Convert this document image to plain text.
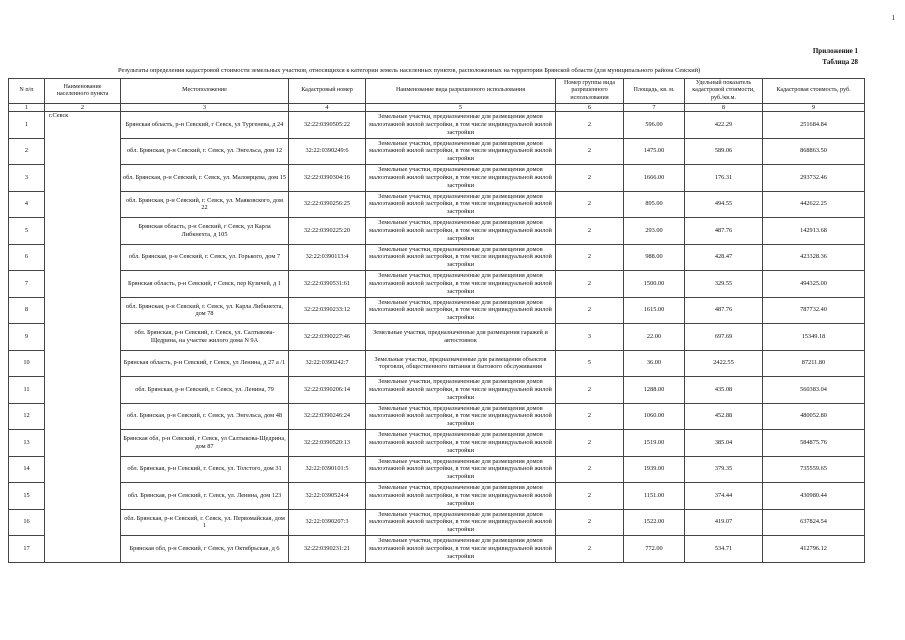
1
Приложение 1
Таблица 28
Результаты определения кадастровой стоимости земельных участков, относящихся к категории земель населенных пунктов, расположенных на территории Брянской области (для муниципального района Севский)
N п/п	Наименование населенного пункта	Местоположение	Кадастровый номер	Наименование вида разрешенного использования	Номер группы вида разрешенного использования	Площадь, кв. м.	Удельный показатель кадастровой стоимости, руб./кв.м.	Кадастровая стоимость, руб.
1	2	3	4	5	6	7	8	9
1	г.Севск	Брянская область, р-н Севский, г Севск, ул Тургенева, д 24	32:22:0390505:22	Земельные участки, предназначенные для размещения домов малоэтажной жилой застройки, в том числе индивидуальной жилой застройки	2	596.00	422.29	251684.84
2		обл. Брянская, р-н Севский, г. Севск, ул. Энгельса, дом 12	32:22:0390249:6	Земельные участки, предназначенные для размещения домов малоэтажной жилой застройки, в том числе индивидуальной жилой застройки	2	1475.00	589.06	868863.50
3		обл. Брянская, р-н Севский, г. Севск, ул. Малоярцева, дом 15	32:22:0390304:16	Земельные участки, предназначенные для размещения домов малоэтажной жилой застройки, в том числе индивидуальной жилой застройки	2	1666.00	176.31	293732.46
4		обл. Брянская, р-н Севский, г. Севск, ул. Маяковского, дом 22	32:22:0390256:25	Земельные участки, предназначенные для размещения домов малоэтажной жилой застройки, в том числе индивидуальной жилой застройки	2	895.00	494.55	442622.25
5		Брянская область, р-н Севский, г Севск, ул Карла Либкнехта, д 105	32:22:0390225:20	Земельные участки, предназначенные для размещения домов малоэтажной жилой застройки, в том числе индивидуальной жилой застройки	2	293.00	487.76	142913.68
6		обл. Брянская, р-н Севский, г. Севск, ул. Горького, дом 7	32:22:0390113:4	Земельные участки, предназначенные для размещения домов малоэтажной жилой застройки, в том числе индивидуальной жилой застройки	2	988.00	428.47	423328.36
7		Брянская область, р-н Севский, г Севск, пер Кузичей, д 1	32:22:0390531:61	Земельные участки, предназначенные для размещения домов малоэтажной жилой застройки, в том числе индивидуальной жилой застройки	2	1500.00	329.55	494325.00
8		обл. Брянская, р-н Севский, г. Севск, ул. Карла Либкнехта, дом 78	32:22:0390233:12	Земельные участки, предназначенные для размещения домов малоэтажной жилой застройки, в том числе индивидуальной жилой застройки	2	1615.00	487.76	787732.40
9		обл. Брянская, р-н Севский, г. Севск, ул. Салтыкова-Щедрина, на участке жилого дома N 9А	32:22:0390227:46	Земельные участки, предназначенные для размещения гаражей и автостоянок	3	22.00	697.69	15349.18
10		Брянская область, р-н Севский, г Севск, ул Ленина, д 27 а /1	32:22:0390242:7	Земельные участки, предназначенные для размещения объектов торговли, общественного питания и бытового обслуживания	5	36.00	2422.55	87211.80
11		обл. Брянская, р-н Севский, г. Севск, ул. Ленина, 79	32:22:0390206:14	Земельные участки, предназначенные для размещения домов малоэтажной жилой застройки, в том числе индивидуальной жилой застройки	2	1288.00	435.08	560383.04
12		обл. Брянская, р-н Севский, г. Севск, ул. Энгельса, дом 48	32:22:0390246:24	Земельные участки, предназначенные для размещения домов малоэтажной жилой застройки, в том числе индивидуальной жилой застройки	2	1060.00	452.88	480052.80
13		Брянская обл, р-н Севский, г Севск, ул Салтыкова-Щедрина, дом 87	32:22:0390520:13	Земельные участки, предназначенные для размещения домов малоэтажной жилой застройки, в том числе индивидуальной жилой застройки	2	1519.00	385.04	584875.76
14		обл. Брянская, р-н Севский, г. Севск, ул. Толстого, дом 31	32:22:0390101:5	Земельные участки, предназначенные для размещения домов малоэтажной жилой застройки, в том числе индивидуальной жилой застройки	2	1939.00	379.35	735559.65
15		обл. Брянская, р-н Севский, г. Севск, ул. Ленина, дом 123	32:22:0390524:4	Земельные участки, предназначенные для размещения домов малоэтажной жилой застройки, в том числе индивидуальной жилой застройки	2	1151.00	374.44	430980.44
16		обл. Брянская, р-н Севский, г. Севск, ул. Первомайская, дом 1	32:22:0390207:3	Земельные участки, предназначенные для размещения домов малоэтажной жилой застройки, в том числе индивидуальной жилой застройки	2	1522.00	419.07	637824.54
17		Брянская обл, р-н Севский, г Севск, ул Октябрьская, д 6	32:22:0390231:21	Земельные участки, предназначенные для размещения домов малоэтажной жилой застройки, в том числе индивидуальной жилой застройки	2	772.00	534.71	412796.12
